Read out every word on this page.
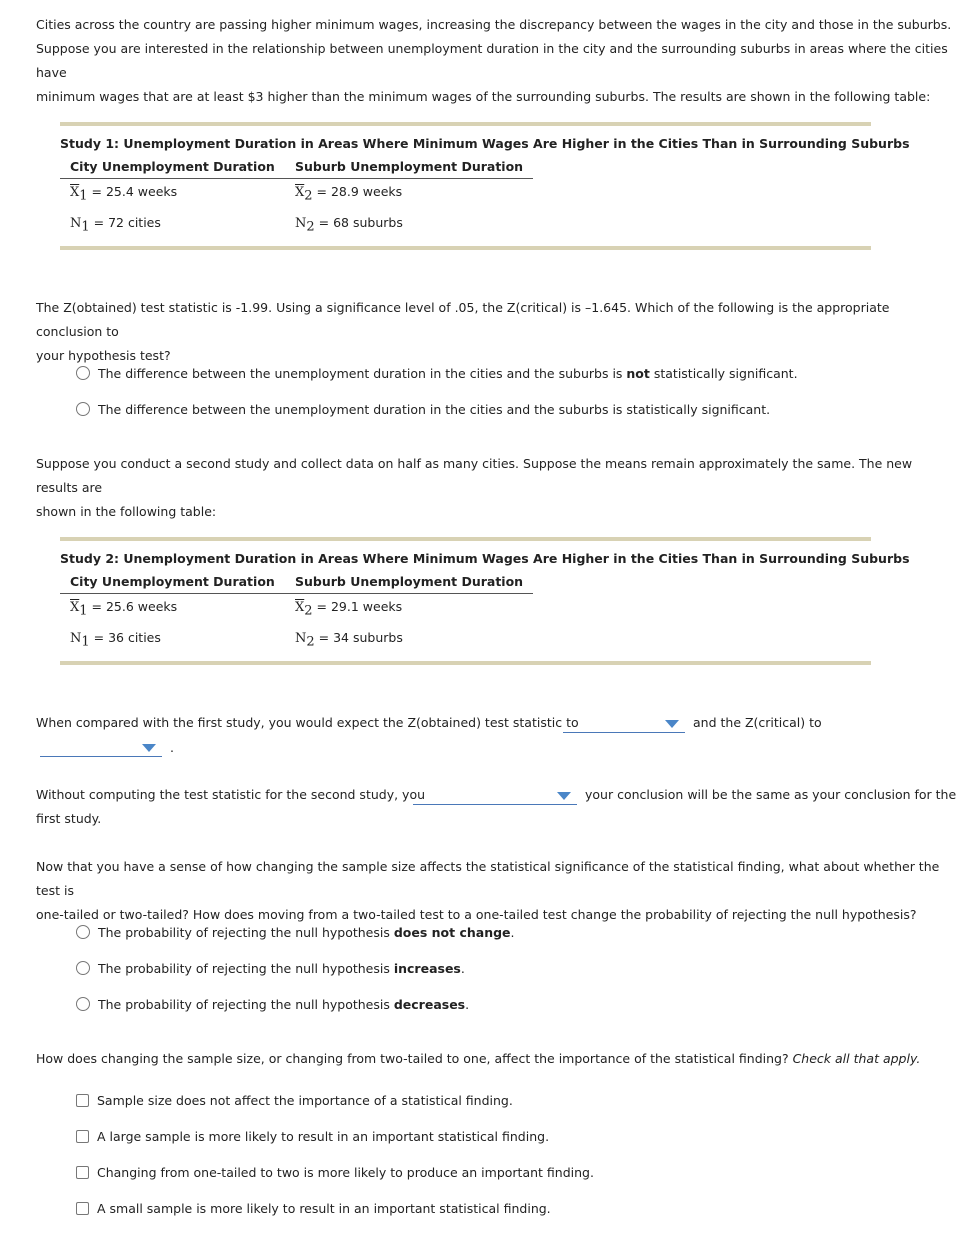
Cities across the country are passing higher minimum wages, increasing the discrepancy between the wages in the city and those in the suburbs.
Suppose you are interested in the relationship between unemployment duration in the city and the surrounding suburbs in areas where the cities have
minimum wages that are at least $3 higher than the minimum wages of the surrounding suburbs. The results are shown in the following table:

Study 1: Unemployment Duration in Areas Where Minimum Wages Are Higher in the Cities Than in Surrounding Suburbs
City Unemployment Duration	Suburb Unemployment Duration
$\overline{X}_1 = 25.4$ weeks	$\overline{X}_2 = 28.9$ weeks
$N_1 = 72$ cities	$N_2 = 68$ suburbs

The Z(obtained) test statistic is -1.99. Using a significance level of .05, the Z(critical) is –1.645. Which of the following is the appropriate conclusion to
your hypothesis test?

The difference between the unemployment duration in the cities and the suburbs is not statistically significant.
The difference between the unemployment duration in the cities and the suburbs is statistically significant.

Suppose you conduct a second study and collect data on half as many cities. Suppose the means remain approximately the same. The new results are
shown in the following table:

Study 2: Unemployment Duration in Areas Where Minimum Wages Are Higher in the Cities Than in Surrounding Suburbs
City Unemployment Duration	Suburb Unemployment Duration
$\overline{X}_1 = 25.6$ weeks	$\overline{X}_2 = 29.1$ weeks
$N_1 = 36$ cities	$N_2 = 34$ suburbs
When compared with the first study, you would expect the Z(obtained) test statistic to	and the Z(critical) to
.
Without computing the test statistic for the second study, you	your conclusion will be the same as your conclusion for the
first study.

Now that you have a sense of how changing the sample size affects the statistical significance of the statistical finding, what about whether the test is
one-tailed or two-tailed? How does moving from a two-tailed test to a one-tailed test change the probability of rejecting the null hypothesis?

The probability of rejecting the null hypothesis does not change.
The probability of rejecting the null hypothesis increases.
The probability of rejecting the null hypothesis decreases.

How does changing the sample size, or changing from two-tailed to one, affect the importance of the statistical finding? Check all that apply.

Sample size does not affect the importance of a statistical finding.
A large sample is more likely to result in an important statistical finding.
Changing from one-tailed to two is more likely to produce an important finding.
A small sample is more likely to result in an important statistical finding.
